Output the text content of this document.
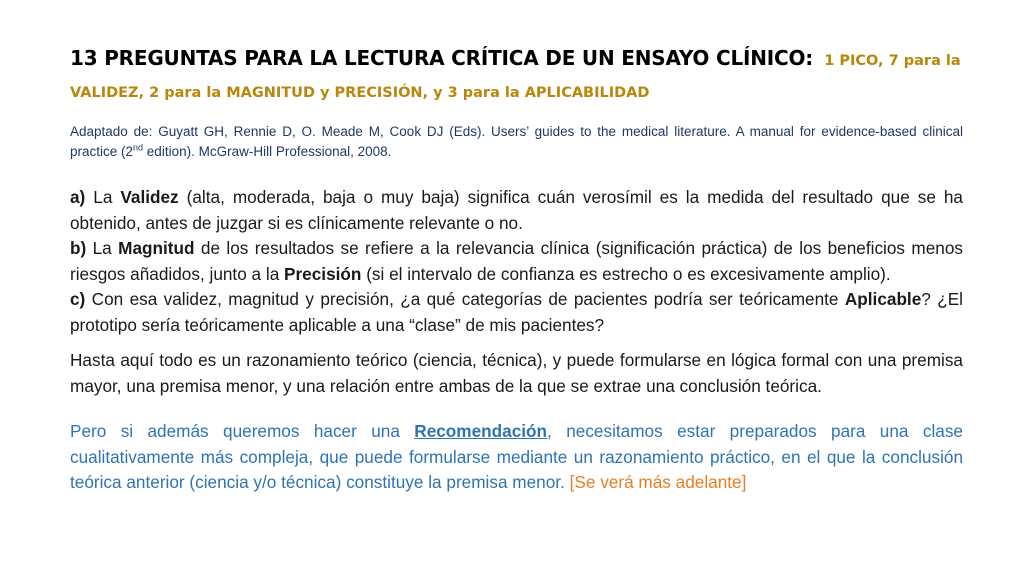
13 PREGUNTAS PARA LA LECTURA CRÍTICA DE UN ENSAYO CLÍNICO: 1 PICO, 7 para la VALIDEZ, 2 para la MAGNITUD y PRECISIÓN, y 3 para la APLICABILIDAD

Adaptado de: Guyatt GH, Rennie D, O. Meade M, Cook DJ (Eds). Users’ guides to the medical literature. A manual for evidence-based clinical practice (2nd edition). McGraw-Hill Professional, 2008.

a) La Validez (alta, moderada, baja o muy baja) significa cuán verosímil es la medida del resultado que se ha obtenido, antes de juzgar si es clínicamente relevante o no.

b) La Magnitud de los resultados se refiere a la relevancia clínica (significación práctica) de los beneficios menos riesgos añadidos, junto a la Precisión (si el intervalo de confianza es estrecho o es excesivamente amplio).

c) Con esa validez, magnitud y precisión, ¿a qué categorías de pacientes podría ser teóricamente Aplicable? ¿El prototipo sería teóricamente aplicable a una “clase” de mis pacientes?

Hasta aquí todo es un razonamiento teórico (ciencia, técnica), y puede formularse en lógica formal con una premisa mayor, una premisa menor, y una relación entre ambas de la que se extrae una conclusión teórica.

Pero si además queremos hacer una Recomendación, necesitamos estar preparados para una clase cualitativamente más compleja, que puede formularse mediante un razonamiento práctico, en el que la conclusión teórica anterior (ciencia y/o técnica) constituye la premisa menor. [Se verá más adelante]
